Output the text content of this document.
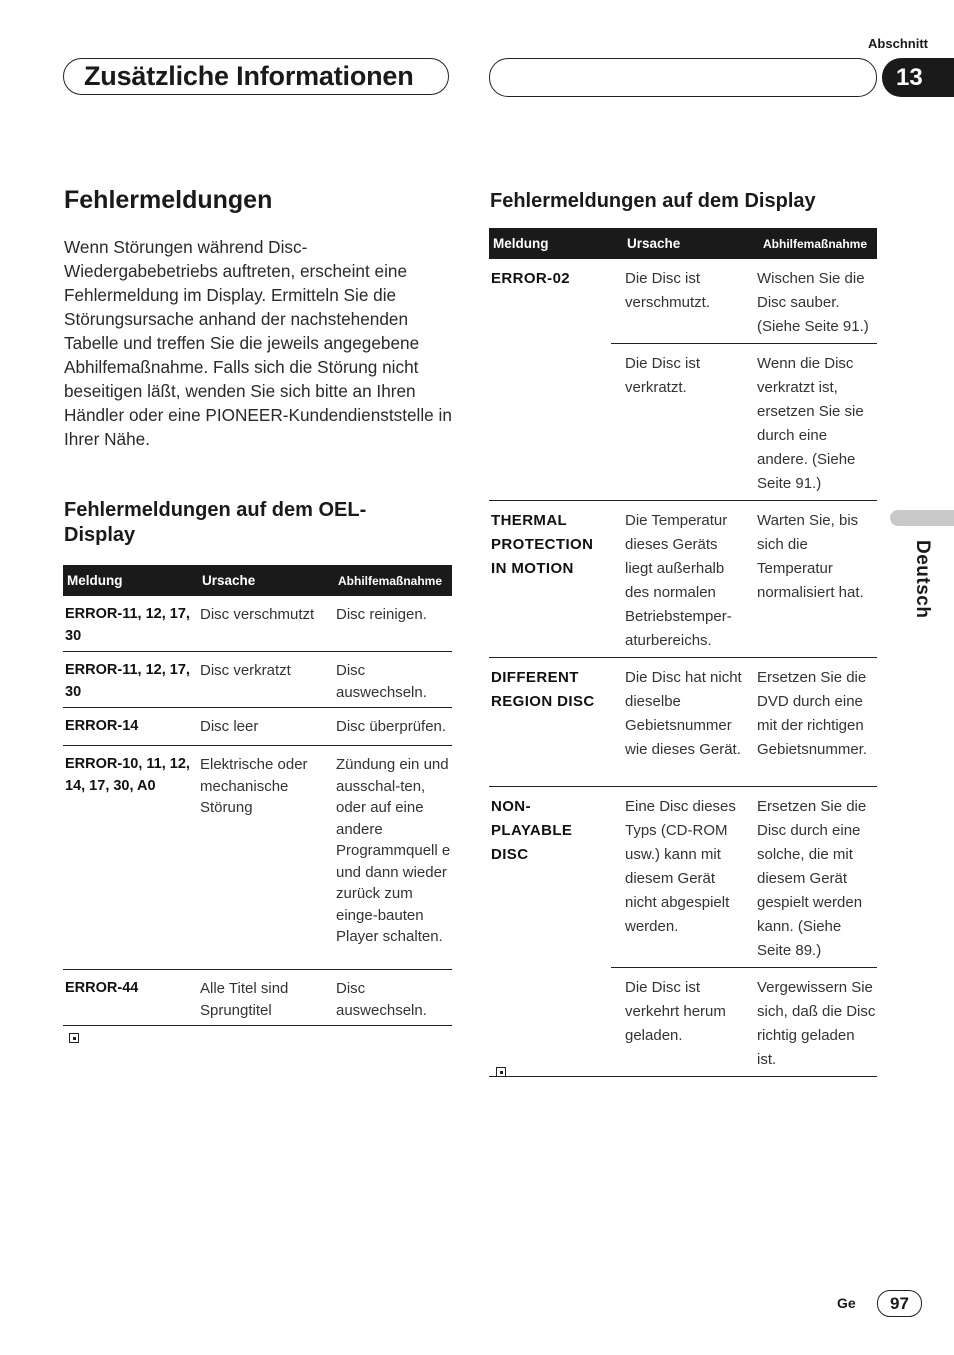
Abschnitt
Zusätzliche Informationen	13
Deutsch
Fehlermeldungen

Wenn Störungen während Disc-Wiedergabebetriebs auftreten, erscheint eine Fehlermeldung im Display. Ermitteln Sie die Störungsursache anhand der nachstehenden Tabelle und treffen Sie die jeweils angegebene Abhilfemaßnahme. Falls sich die Störung nicht beseitigen läßt, wenden Sie sich bitte an Ihren Händler oder eine PIONEER-Kundendienststelle in Ihrer Nähe.

Fehlermeldungen auf dem OEL-Display
Meldung	Ursache	Abhilfemaßnahme
ERROR-11, 12, 17, 30	Disc verschmutzt	Disc reinigen.
ERROR-11, 12, 17, 30	Disc verkratzt	Disc auswechseln.
ERROR-14	Disc leer	Disc überprüfen.
ERROR-10, 11, 12, 14, 17, 30, A0	Elektrische oder mechanische Störung	Zündung ein und ausschal-ten, oder auf eine andere Programmquell e und dann wieder zurück zum einge-bauten Player schalten.
ERROR-44	Alle Titel sind Sprungtitel	Disc auswechseln.
Fehlermeldungen auf dem Display
Meldung	Ursache	Abhilfemaßnahme
ERROR-02	Die Disc ist verschmutzt.	Wischen Sie die Disc sauber. (Siehe Seite 91.)
	Die Disc ist verkratzt.	Wenn die Disc verkratzt ist, ersetzen Sie sie durch eine andere. (Siehe Seite 91.)
THERMAL PROTECTION IN MOTION	Die Temperatur dieses Geräts liegt außerhalb des normalen Betriebstemper-aturbereichs.	Warten Sie, bis sich die Temperatur normalisiert hat.
DIFFERENT REGION DISC	Die Disc hat nicht dieselbe Gebietsnummer wie dieses Gerät.	Ersetzen Sie die DVD durch eine mit der richtigen Gebietsnummer.
NON-PLAYABLE DISC	Eine Disc dieses Typs (CD-ROM usw.) kann mit diesem Gerät nicht abgespielt werden.	Ersetzen Sie die Disc durch eine solche, die mit diesem Gerät gespielt werden kann. (Siehe Seite 89.)
	Die Disc ist verkehrt herum geladen.	Vergewissern Sie sich, daß die Disc richtig geladen ist.
Ge	97
